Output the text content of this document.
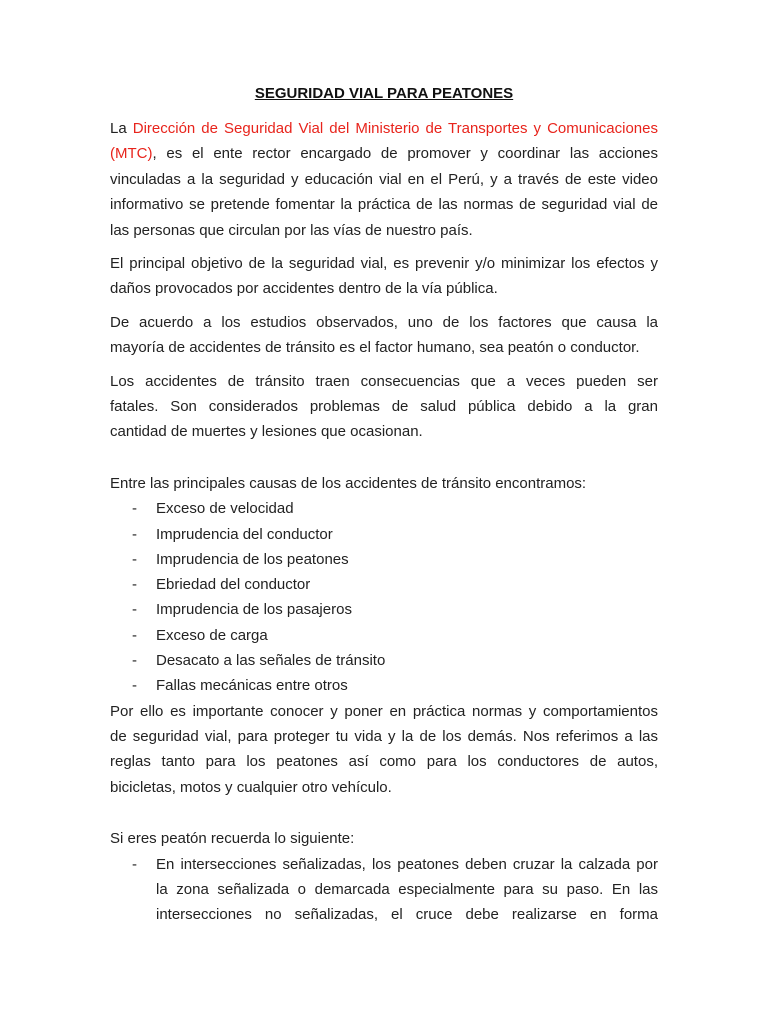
SEGURIDAD VIAL PARA PEATONES
La Dirección de Seguridad Vial del Ministerio de Transportes y Comunicaciones
(MTC), es el ente rector encargado de promover y coordinar las acciones
vinculadas a la seguridad y educación vial en el Perú, y a través de este video
informativo se pretende fomentar la práctica de las normas de seguridad vial de
las personas que circulan por las vías de nuestro país.
El principal objetivo de la seguridad vial, es prevenir y/o minimizar los efectos y
daños provocados por accidentes dentro de la vía pública.
De acuerdo a los estudios observados, uno de los factores que causa la
mayoría de accidentes de tránsito es el factor humano, sea peatón o conductor.
Los accidentes de tránsito traen consecuencias que a veces pueden ser
fatales. Son considerados problemas de salud pública debido a la gran
cantidad de muertes y lesiones que ocasionan.

Entre las principales causas de los accidentes de tránsito encontramos:

- Exceso de velocidad
- Imprudencia del conductor
- Imprudencia de los peatones
- Ebriedad del conductor
- Imprudencia de los pasajeros
- Exceso de carga
- Desacato a las señales de tránsito
- Fallas mecánicas entre otros
Por ello es importante conocer y poner en práctica normas y comportamientos
de seguridad vial, para proteger tu vida y la de los demás. Nos referimos a las
reglas tanto para los peatones así como para los conductores de autos,
bicicletas, motos y cualquier otro vehículo.

Si eres peatón recuerda lo siguiente:

- En intersecciones señalizadas, los peatones deben cruzar la calzada por
la zona señalizada o demarcada especialmente para su paso. En las
intersecciones no señalizadas, el cruce debe realizarse en forma
